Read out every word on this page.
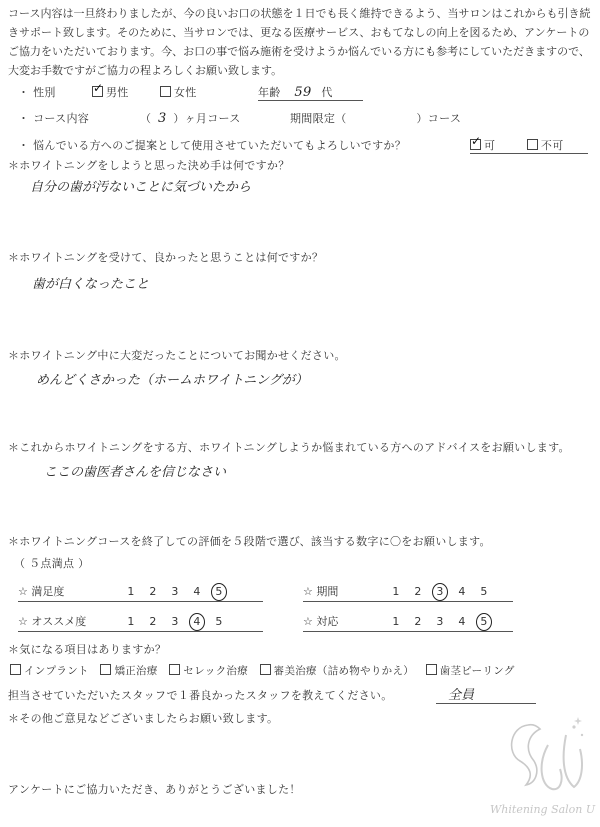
コース内容は一旦終わりましたが、今の良いお口の状態を１日でも長く維持できるよう、当サロンはこれからも引き続きサポート致します。そのために、当サロンでは、更なる医療サービス、おもてなしの向上を図るため、アンケートのご協力をいただいております。今、お口の事で悩み施術を受けようか悩んでいる方にも参考にしていただきますので、大変お手数ですがご協力の程よろしくお願い致します。
・ 性別 ✓	男性	女性	年齢 59 代
・ コース内容	（ 3 ）ヶ月コース	期間限定（	）コース
・ 悩んでいる方へのご提案として使用させていただいてもよろしいですか？ ✓	可	不可
＊ホワイトニングをしようと思った決め手は何ですか？
自分の歯が汚ないことに気づいたから
＊ホワイトニングを受けて、良かったと思うことは何ですか？
歯が白くなったこと
＊ホワイトニング中に大変だったことについてお聞かせください。
めんどくさかった（ホームホワイトニングが）
＊これからホワイトニングをする方、ホワイトニングしようか悩まれている方へのアドバイスをお願いします。
ここの歯医者さんを信じなさい
＊ホワイトニングコースを終了しての評価を５段階で選び、該当する数字に〇をお願いします。
（ ５点満点 ）
☆ 満足度	1 2 3 4 5	☆ 期間	1 2 3 4 5
☆ オススメ度	1 2 3 4 5	☆ 対応	1 2 3 4 5
＊気になる項目はありますか？
インプラント 矯正治療 セレック治療 審美治療（詰め物やりかえ） 歯茎ピーリング
担当させていただいたスタッフで１番良かったスタッフを教えてください。	全員
＊その他ご意見などございましたらお願い致します。
アンケートにご協力いただき、ありがとうございました！
Whitening Salon U
